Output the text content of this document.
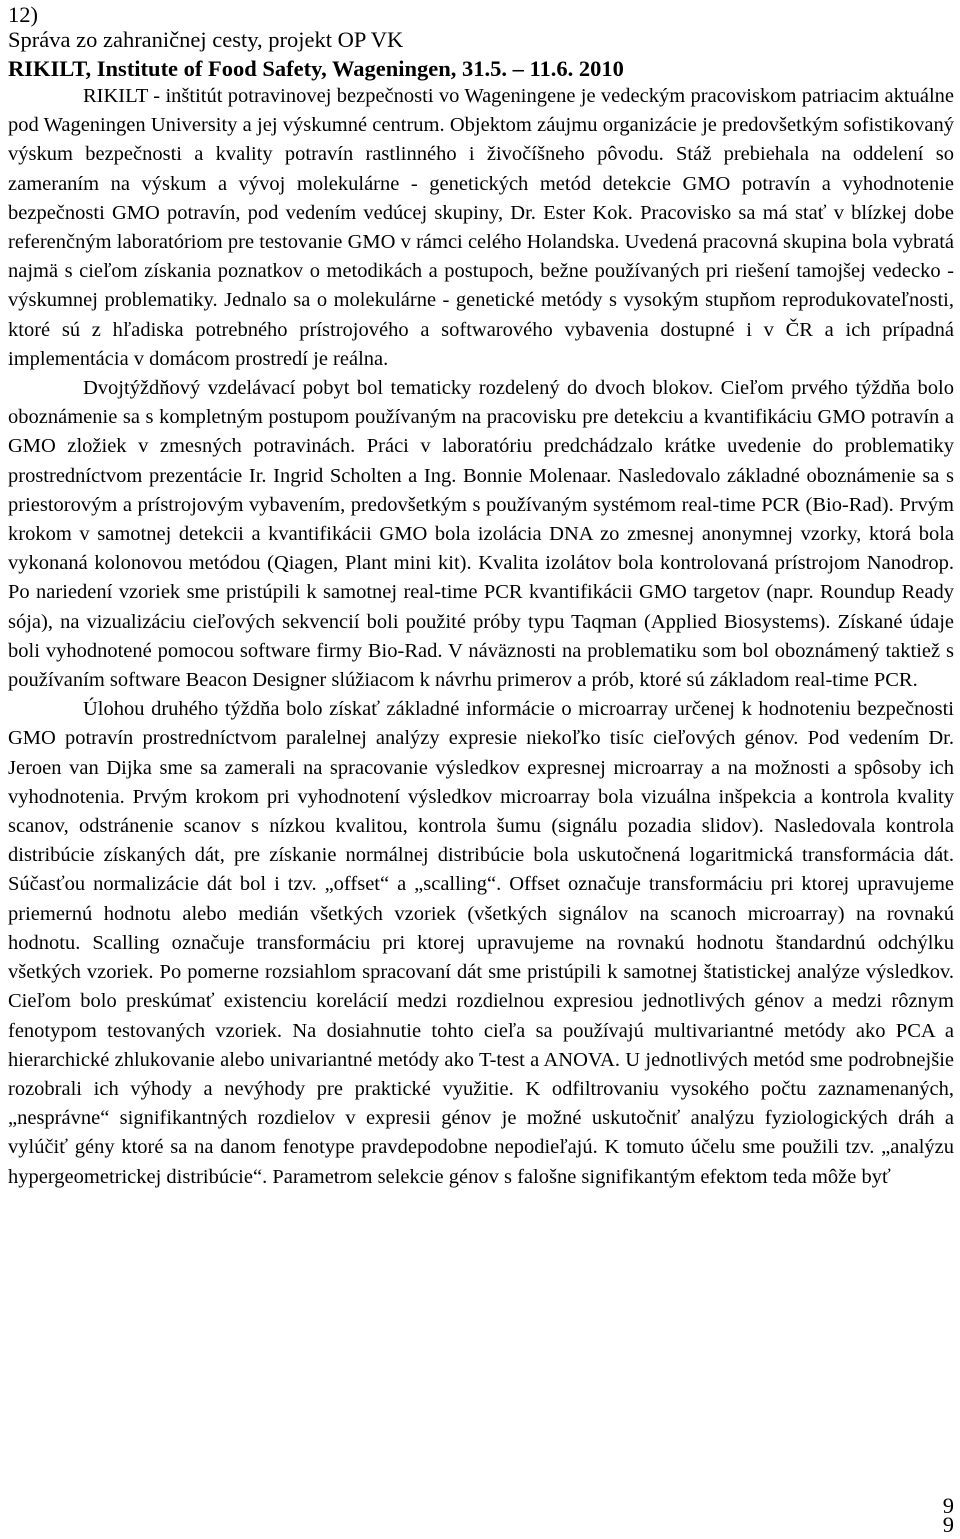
12)
Správa zo zahraničnej cesty, projekt OP VK
RIKILT, Institute of Food Safety, Wageningen, 31.5. – 11.6. 2010

RIKILT - inštitút potravinovej bezpečnosti vo Wageningene je vedeckým pracoviskom patriacim aktuálne pod Wageningen University a jej výskumné centrum. Objektom záujmu organizácie je predovšetkým sofistikovaný výskum bezpečnosti a kvality potravín rastlinného i živočíšneho pôvodu. Stáž prebiehala na oddelení so zameraním na výskum a vývoj molekulárne - genetických metód detekcie GMO potravín a vyhodnotenie bezpečnosti GMO potravín, pod vedením vedúcej skupiny, Dr. Ester Kok. Pracovisko sa má stať v blízkej dobe referenčným laboratóriom pre testovanie GMO v rámci celého Holandska. Uvedená pracovná skupina bola vybratá najmä s cieľom získania poznatkov o metodikách a postupoch, bežne používaných pri riešení tamojšej vedecko - výskumnej problematiky. Jednalo sa o molekulárne - genetické metódy s vysokým stupňom reprodukovateľnosti, ktoré sú z hľadiska potrebného prístrojového a softwarového vybavenia dostupné i v ČR a ich prípadná implementácia v domácom prostredí je reálna.

Dvojtýždňový vzdelávací pobyt bol tematicky rozdelený do dvoch blokov. Cieľom prvého týždňa bolo oboznámenie sa s kompletným postupom používaným na pracovisku pre detekciu a kvantifikáciu GMO potravín a GMO zložiek v zmesných potravinách. Práci v laboratóriu predchádzalo krátke uvedenie do problematiky prostredníctvom prezentácie Ir. Ingrid Scholten a Ing. Bonnie Molenaar. Nasledovalo základné oboznámenie sa s priestorovým a prístrojovým vybavením, predovšetkým s používaným systémom real-time PCR (Bio-Rad). Prvým krokom v samotnej detekcii a kvantifikácii GMO bola izolácia DNA zo zmesnej anonymnej vzorky, ktorá bola vykonaná kolonovou metódou (Qiagen, Plant mini kit). Kvalita izolátov bola kontrolovaná prístrojom Nanodrop. Po nariedení vzoriek sme pristúpili k samotnej real-time PCR kvantifikácii GMO targetov (napr. Roundup Ready sója), na vizualizáciu cieľových sekvencií boli použité próby typu Taqman (Applied Biosystems). Získané údaje boli vyhodnotené pomocou software firmy Bio-Rad. V náväznosti na problematiku som bol oboznámený taktiež s používaním software Beacon Designer slúžiacom k návrhu primerov a prób, ktoré sú základom real-time PCR.

Úlohou druhého týždňa bolo získať základné informácie o microarray určenej k hodnoteniu bezpečnosti GMO potravín prostredníctvom paralelnej analýzy expresie niekoľko tisíc cieľových génov. Pod vedením Dr. Jeroen van Dijka sme sa zamerali na spracovanie výsledkov expresnej microarray a na možnosti a spôsoby ich vyhodnotenia. Prvým krokom pri vyhodnotení výsledkov microarray bola vizuálna inšpekcia a kontrola kvality scanov, odstránenie scanov s nízkou kvalitou, kontrola šumu (signálu pozadia slidov). Nasledovala kontrola distribúcie získaných dát, pre získanie normálnej distribúcie bola uskutočnená logaritmická transformácia dát. Súčasťou normalizácie dát bol i tzv. „offset“ a „scalling“. Offset označuje transformáciu pri ktorej upravujeme priemernú hodnotu alebo medián všetkých vzoriek (všetkých signálov na scanoch microarray) na rovnakú hodnotu. Scalling označuje transformáciu pri ktorej upravujeme na rovnakú hodnotu štandardnú odchýlku všetkých vzoriek. Po pomerne rozsiahlom spracovaní dát sme pristúpili k samotnej štatistickej analýze výsledkov. Cieľom bolo preskúmať existenciu korelácií medzi rozdielnou expresiou jednotlivých génov a medzi rôznym fenotypom testovaných vzoriek. Na dosiahnutie tohto cieľa sa používajú multivariantné metódy ako PCA a hierarchické zhlukovanie alebo univariantné metódy ako T-test a ANOVA. U jednotlivých metód sme podrobnejšie rozobrali ich výhody a nevýhody pre praktické využitie. K odfiltrovaniu vysokého počtu zaznamenaných, „nesprávne“ signifikantných rozdielov v expresii génov je možné uskutočniť analýzu fyziologických dráh a vylúčiť gény ktoré sa na danom fenotype pravdepodobne nepodieľajú. K tomuto účelu sme použili tzv. „analýzu hypergeometrickej distribúcie“. Parametrom selekcie génov s falošne signifikantým efektom teda môže byť

9
9
